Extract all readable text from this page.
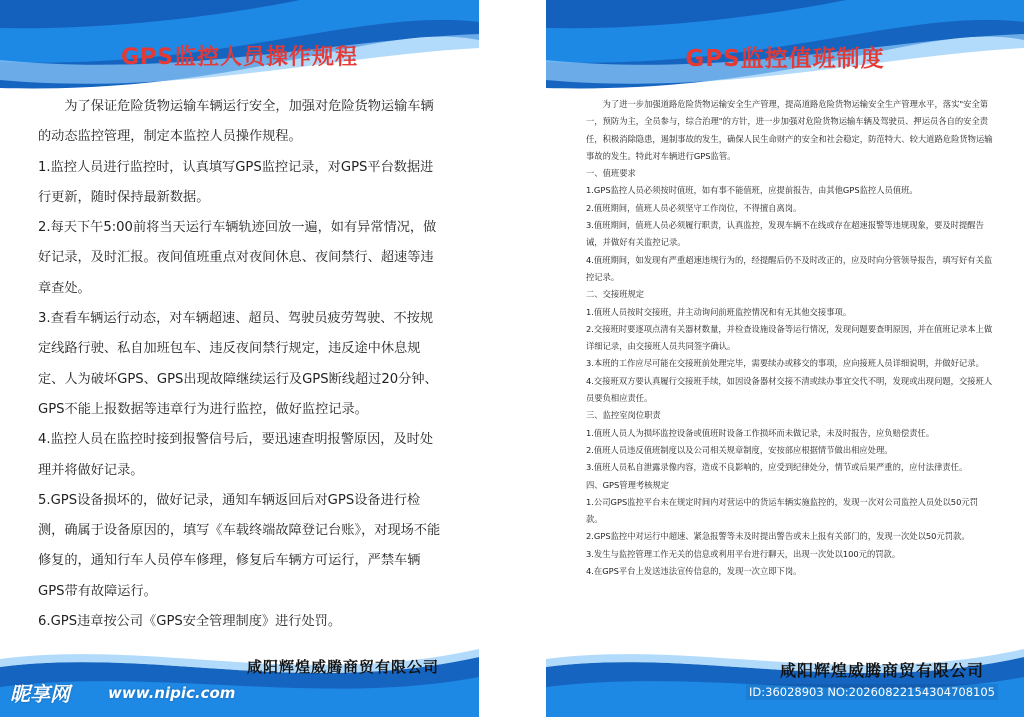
GPS监控人员操作规程

为了保证危险货物运输车辆运行安全，加强对危险货物运输车辆的动态监控管理，制定本监控人员操作规程。

1.监控人员进行监控时，认真填写GPS监控记录，对GPS平台数据进行更新，随时保持最新数据。

2.每天下午5:00前将当天运行车辆轨迹回放一遍，如有异常情况，做好记录，及时汇报。夜间值班重点对夜间休息、夜间禁行、超速等违章查处。

3.查看车辆运行动态，对车辆超速、超员、驾驶员疲劳驾驶、不按规定线路行驶、私自加班包车、违反夜间禁行规定，违反途中休息规定、人为破坏GPS、GPS出现故障继续运行及GPS断线超过20分钟、GPS不能上报数据等违章行为进行监控，做好监控记录。

4.监控人员在监控时接到报警信号后，要迅速查明报警原因，及时处理并将做好记录。

5.GPS设备损坏的，做好记录，通知车辆返回后对GPS设备进行检测，确属于设备原因的，填写《车载终端故障登记台账》，对现场不能修复的，通知行车人员停车修理，修复后车辆方可运行，严禁车辆GPS带有故障运行。

6.GPS违章按公司《GPS安全管理制度》进行处罚。

咸阳辉煌威腾商贸有限公司
GPS监控值班制度

为了进一步加强道路危险货物运输安全生产管理，提高道路危险货物运输安全生产管理水平，落实"安全第一，预防为主，全员参与，综合治理"的方针，进一步加强对危险货物运输车辆及驾驶员、押运员各自的安全责任，积极消除隐患，遏制事故的发生，确保人民生命财产的安全和社会稳定，防范特大、较大道路危险货物运输事故的发生。特此对车辆进行GPS监管。

一、值班要求

1.GPS监控人员必须按时值班，如有事不能值班，应提前报告，由其他GPS监控人员值班。

2.值班期间，值班人员必须坚守工作岗位，不得擅自离岗。

3.值班期间，值班人员必须履行职责，认真监控，发现车辆不在线或存在超速报警等违规现象，要及时提醒告诫，并做好有关监控记录。

4.值班期间，如发现有严重超速违规行为的，经提醒后仍不及时改正的，应及时向分管领导报告，填写好有关监控记录。

二、交接班规定

1.值班人员按时交接班，并主动询问前班监控情况和有无其他交接事项。

2.交接班时要逐项点清有关器材数量，并检查设施设备等运行情况，发现问题要查明原因，并在值班记录本上做详细记录，由交接班人员共同签字确认。

3.本班的工作应尽可能在交接班前处理完毕，需要续办或移交的事项，应向接班人员详细说明，并做好记录。

4.交接班双方要认真履行交接班手续，如因设备器材交接不清或续办事宜交代不明，发现或出现问题，交接班人员要负相应责任。

三、监控室岗位职责

1.值班人员人为损坏监控设备或值班时设备工作损坏而未做记录，未及时报告，应负赔偿责任。

2.值班人员违反值班制度以及公司相关规章制度，安按部应根据情节做出相应处理。

3.值班人员私自泄露录像内容，造成不良影响的，应受到纪律处分，情节或后果严重的，应付法律责任。

四、GPS管理考核规定

1.公司GPS监控平台未在规定时间内对营运中的货运车辆实施监控的，发现一次对公司监控人员处以50元罚款。

2.GPS监控中对运行中超速、紧急报警等未及时提出警告或未上报有关部门的，发现一次处以50元罚款。

3.发生与监控管理工作无关的信息或利用平台进行聊天，出现一次处以100元的罚款。

4.在GPS平台上发送违法宣传信息的，发现一次立即下岗。

咸阳辉煌威腾商贸有限公司
昵享网	www.nipic.com	ID:36028903 NO:20260822154304708105
